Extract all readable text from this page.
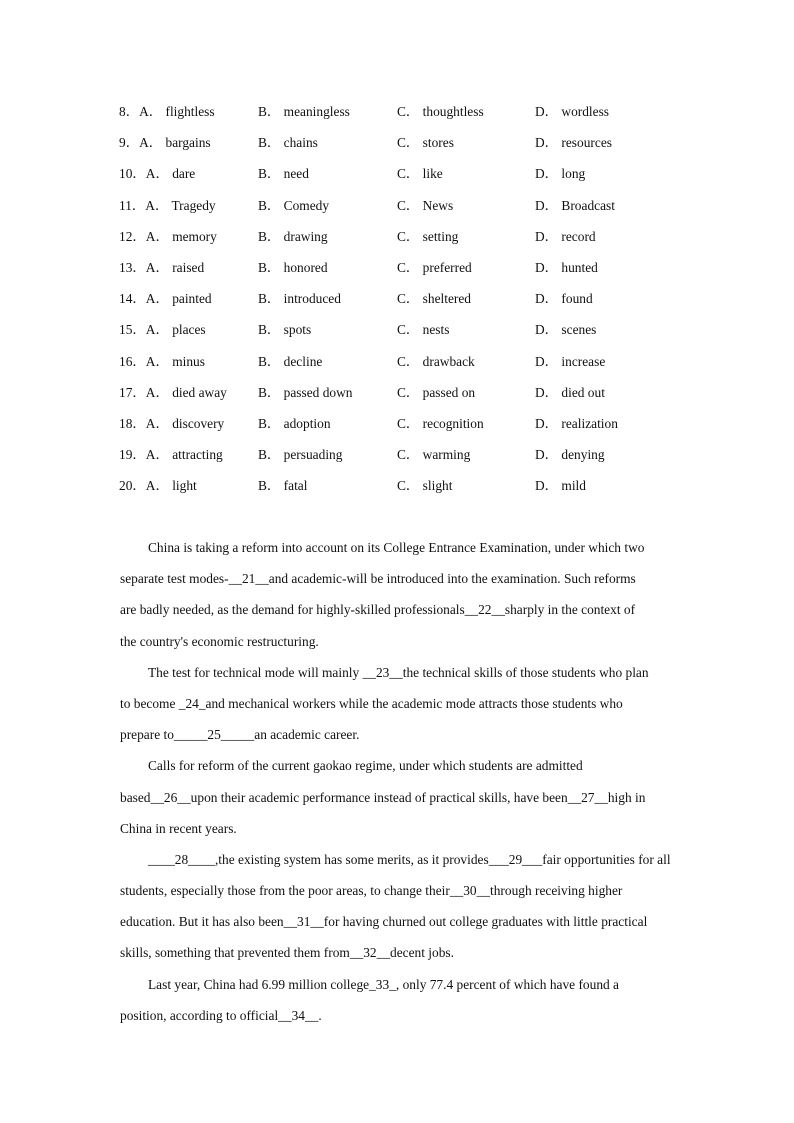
8．A． flightless	B． meaningless	C． thoughtless	D． wordless
9．A． bargains	B． chains	C． stores	D． resources
10．A． dare	B． need	C． like	D． long
11．A． Tragedy	B． Comedy	C． News	D． Broadcast
12．A． memory	B． drawing	C． setting	D． record
13．A． raised	B． honored	C． preferred	D． hunted
14．A． painted	B． introduced	C． sheltered	D． found
15．A． places	B． spots	C． nests	D． scenes
16．A． minus	B． decline	C． drawback	D． increase
17．A． died away B． passed down	C． passed on	D． died out
18．A． discovery	B． adoption	C． recognition	D． realization
19．A． attracting	B． persuading	C． warming	D． denying
20．A． light	B． fatal	C． slight	D． mild
China is taking a reform into account on its College Entrance Examination, under which two
separate test modes-__21__and academic-will be introduced into the examination. Such reforms
are badly needed, as the demand for highly-skilled professionals__22__sharply in the context of
the country's economic restructuring.
The test for technical mode will mainly __23__the technical skills of those students who plan
to become _24_and mechanical workers while the academic mode attracts those students who
prepare to_____25_____an academic career.
Calls for reform of the current gaokao regime, under which students are admitted
based__26__upon their academic performance instead of practical skills, have been__27__high in
China in recent years.
____28____,the existing system has some merits, as it provides___29___fair opportunities for all
students, especially those from the poor areas, to change their__30__through receiving higher
education. But it has also been__31__for having churned out college graduates with little practical
skills, something that prevented them from__32__decent jobs.
Last year, China had 6.99 million college_33_, only 77.4 percent of which have found a
position, according to official__34__.
